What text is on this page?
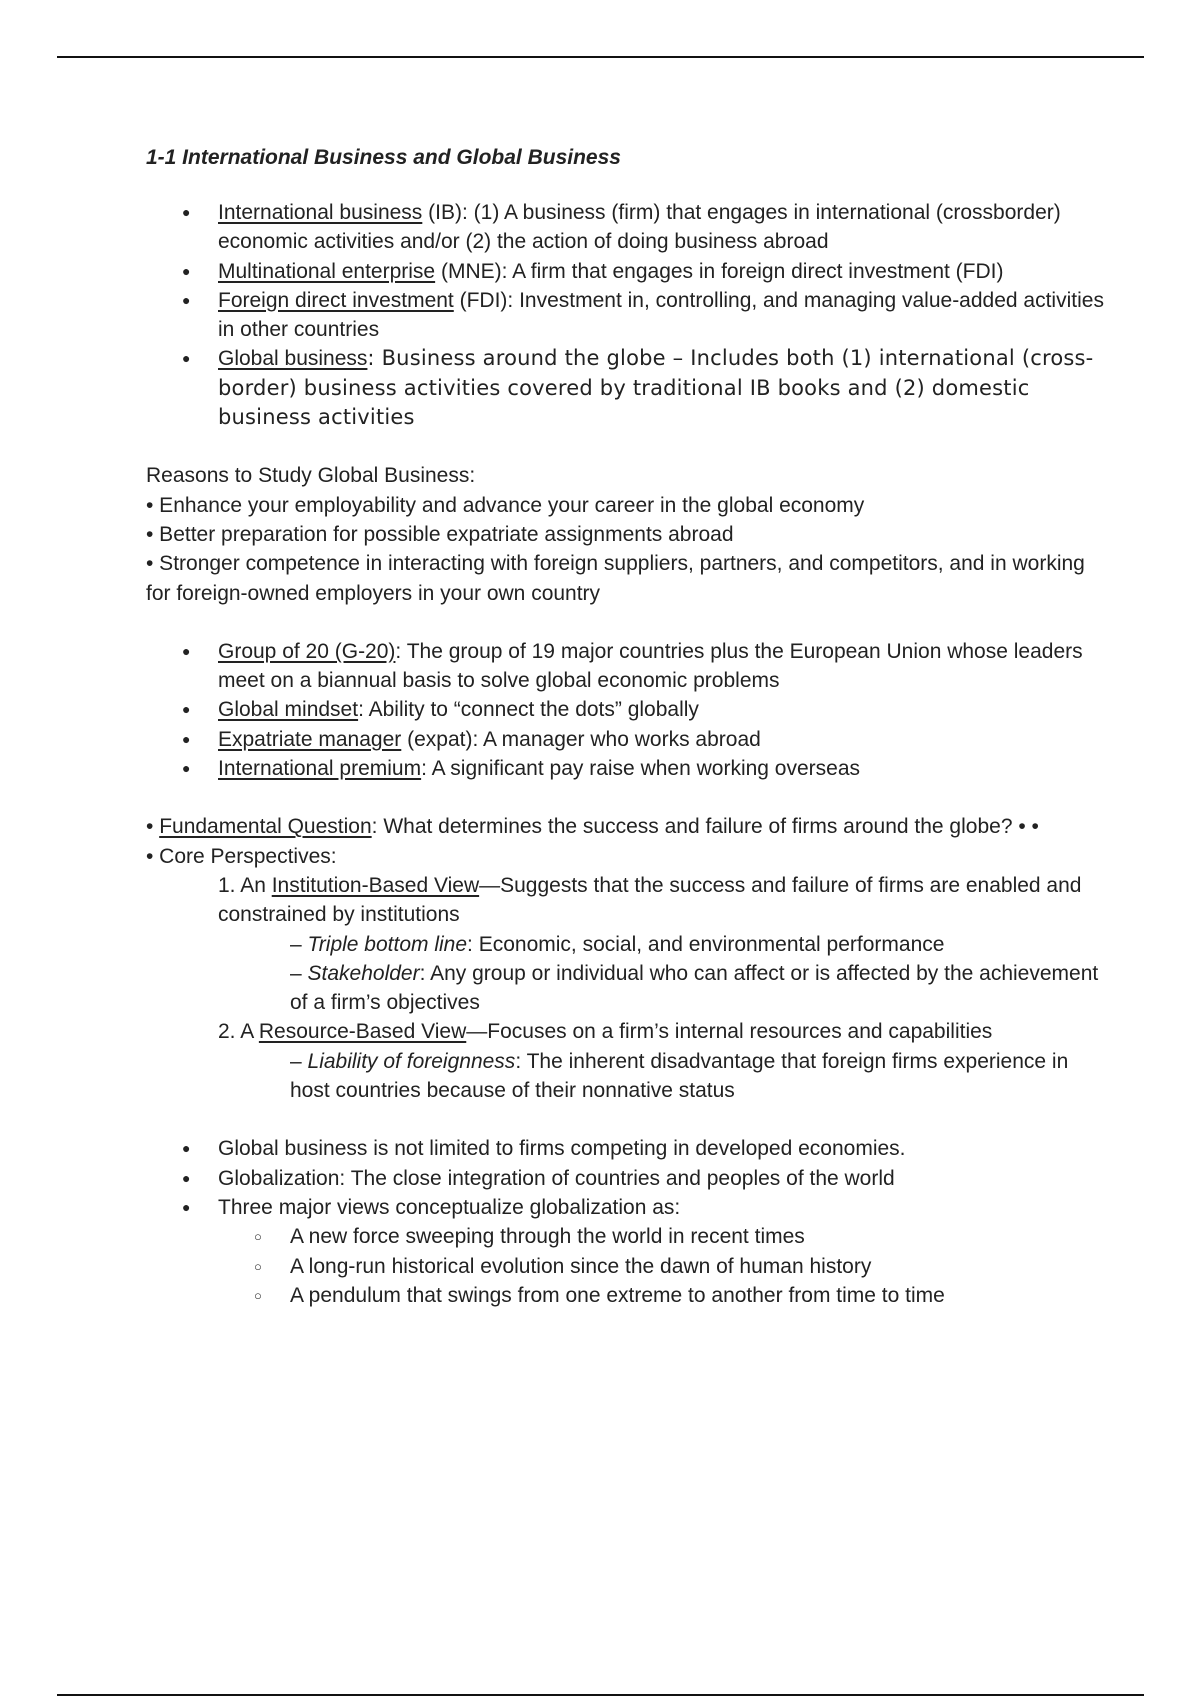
1-1 International Business and Global Business

● International business (IB): (1) A business (firm) that engages in international (crossborder) economic activities and/or (2) the action of doing business abroad
● Multinational enterprise (MNE): A firm that engages in foreign direct investment (FDI)
● Foreign direct investment (FDI): Investment in, controlling, and managing value-added activities in other countries
● Global business: Business around the globe – Includes both (1) international (cross-border) business activities covered by traditional IB books and (2) domestic business activities

Reasons to Study Global Business:

• Enhance your employability and advance your career in the global economy

• Better preparation for possible expatriate assignments abroad

• Stronger competence in interacting with foreign suppliers, partners, and competitors, and in working for foreign-owned employers in your own country

● Group of 20 (G-20): The group of 19 major countries plus the European Union whose leaders meet on a biannual basis to solve global economic problems
● Global mindset: Ability to “connect the dots” globally
● Expatriate manager (expat): A manager who works abroad
● International premium: A significant pay raise when working overseas

• Fundamental Question: What determines the success and failure of firms around the globe? • •

• Core Perspectives:

1. An Institution-Based View—Suggests that the success and failure of firms are enabled and constrained by institutions

– Triple bottom line: Economic, social, and environmental performance

– Stakeholder: Any group or individual who can affect or is affected by the achievement of a firm’s objectives

2. A Resource-Based View—Focuses on a firm’s internal resources and capabilities

– Liability of foreignness: The inherent disadvantage that foreign firms experience in host countries because of their nonnative status

● Global business is not limited to firms competing in developed economies.
● Globalization: The close integration of countries and peoples of the world
● Three major views conceptualize globalization as:
○ A new force sweeping through the world in recent times
○ A long-run historical evolution since the dawn of human history
○ A pendulum that swings from one extreme to another from time to time
